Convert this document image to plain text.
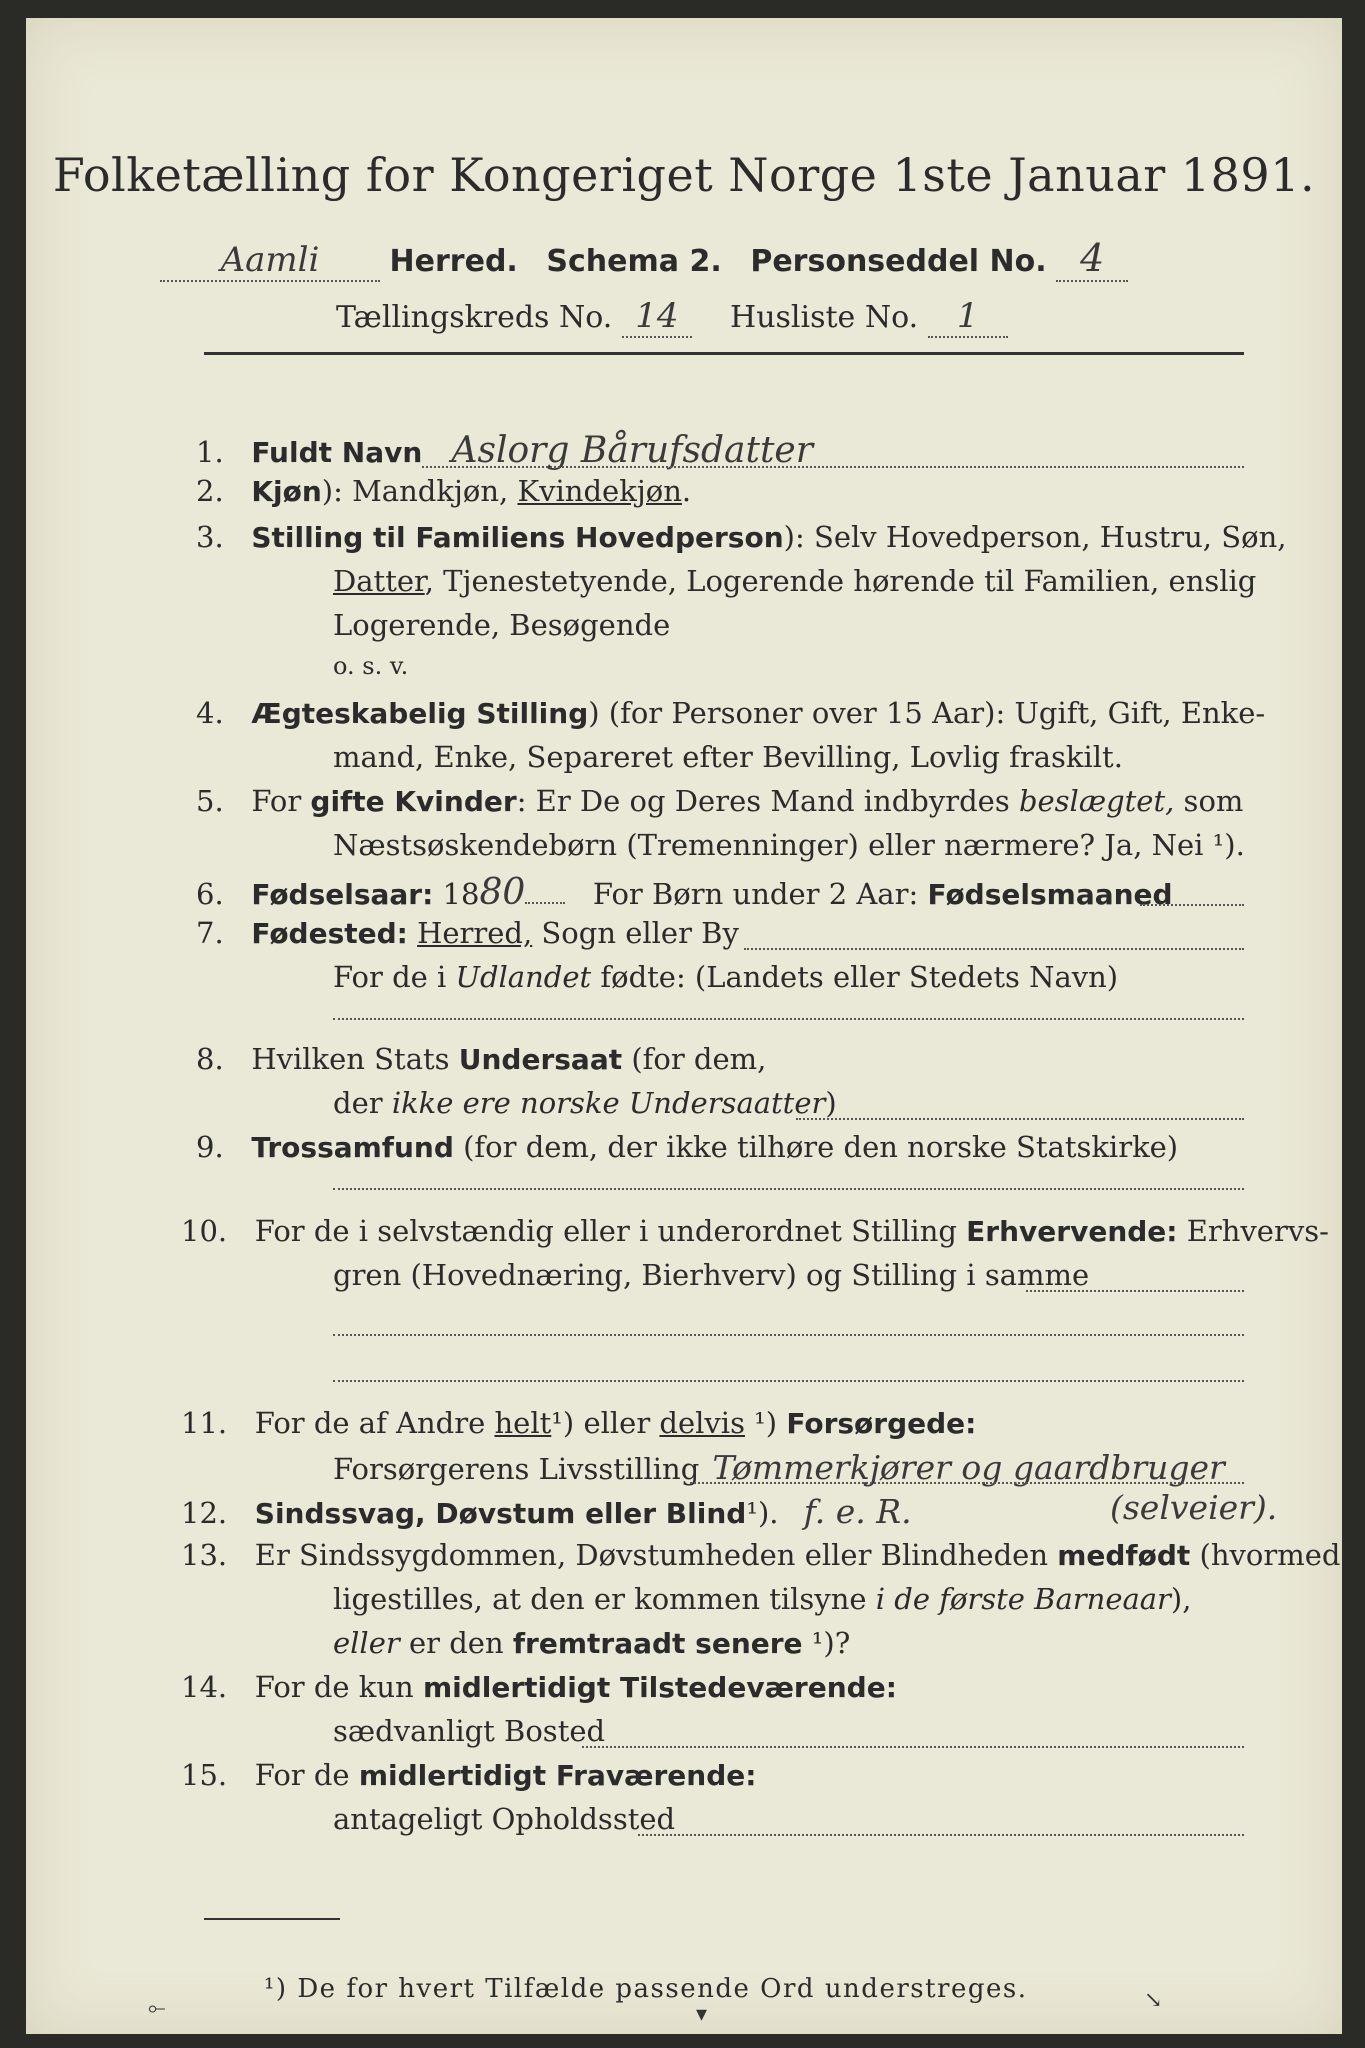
Folketælling for Kongeriget Norge 1ste Januar 1891.
Aamli Herred. Schema 2. Personseddel No. 4
Tællingskreds No. 14 Husliste No. 1
1. Fuldt Navn Aslorg Bårufsdatter
2. Kjøn): Mandkjøn, Kvindekjøn.
3. Stilling til Familiens Hovedperson): Selv Hovedperson, Hustru, Søn,
Datter, Tjenestetyende, Logerende hørende til Familien, enslig
Logerende, Besøgende
o. s. v.
4. Ægteskabelig Stilling) (for Personer over 15 Aar): Ugift, Gift, Enke-
mand, Enke, Separeret efter Bevilling, Lovlig fraskilt.
5. For gifte Kvinder: Er De og Deres Mand indbyrdes beslægtet, som
Næstsøskendebørn (Tremenninger) eller nærmere? Ja, Nei ¹).
6. Fødselsaar: 1880 For Børn under 2 Aar: Fødselsmaaned
7. Fødested: Herred, Sogn eller By
For de i Udlandet fødte: (Landets eller Stedets Navn)
8. Hvilken Stats Undersaat (for dem,
der ikke ere norske Undersaatter)
9. Trossamfund (for dem, der ikke tilhøre den norske Statskirke)
10. For de i selvstændig eller i underordnet Stilling Erhvervende: Erhvervs-
gren (Hovednæring, Bierhverv) og Stilling i samme
11. For de af Andre helt¹) eller delvis ¹) Forsørgede:
Forsørgerens Livsstilling Tømmerkjører og gaardbruger
12. Sindssvag, Døvstum eller Blind¹). f. e. R.	(selveier).
13. Er Sindssygdommen, Døvstumheden eller Blindheden medfødt (hvormed
ligestilles, at den er kommen tilsyne i de første Barneaar),
eller er den fremtraadt senere ¹)?
14. For de kun midlertidigt Tilstedeværende:
sædvanligt Bosted
15. For de midlertidigt Fraværende:
antageligt Opholdssted
¹) De for hvert Tilfælde passende Ord understreges.
⟜	▾
↘
